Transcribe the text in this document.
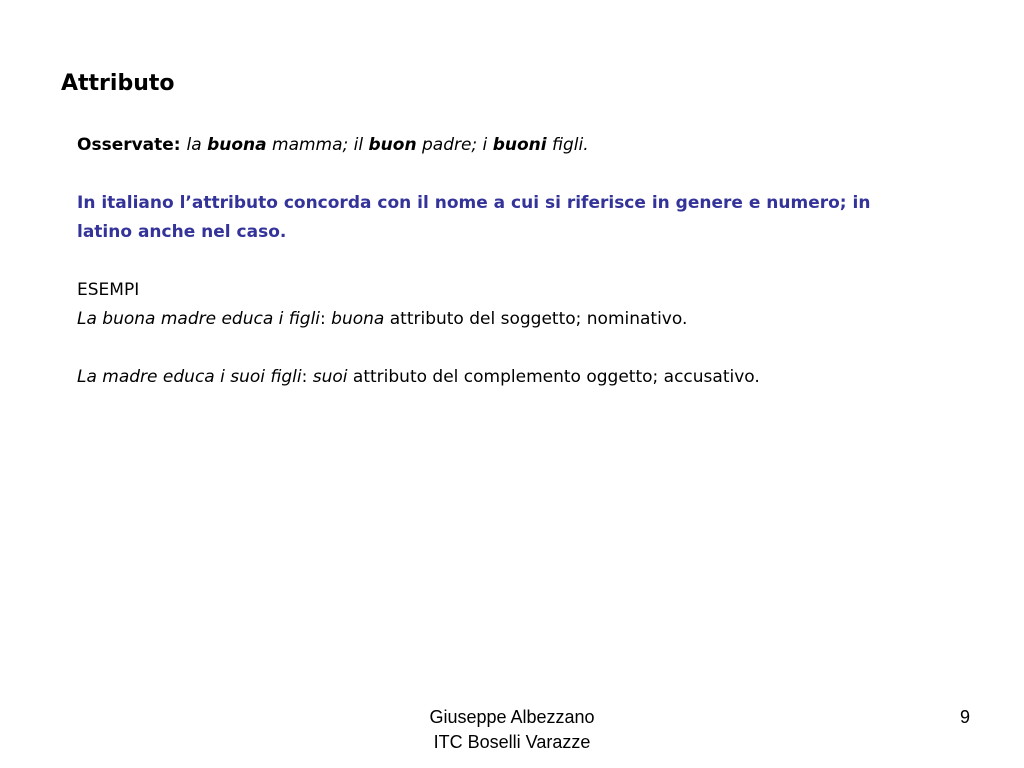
Attributo

Osservate: la buona mamma; il buon padre; i buoni figli.

In italiano l’attributo concorda con il nome a cui si riferisce in genere e numero; in latino anche nel caso.

ESEMPI

La buona madre educa i figli: buona attributo del soggetto; nominativo.

La madre educa i suoi figli: suoi attributo del complemento oggetto; accusativo.

Giuseppe Albezzano
ITC Boselli Varazze
9
